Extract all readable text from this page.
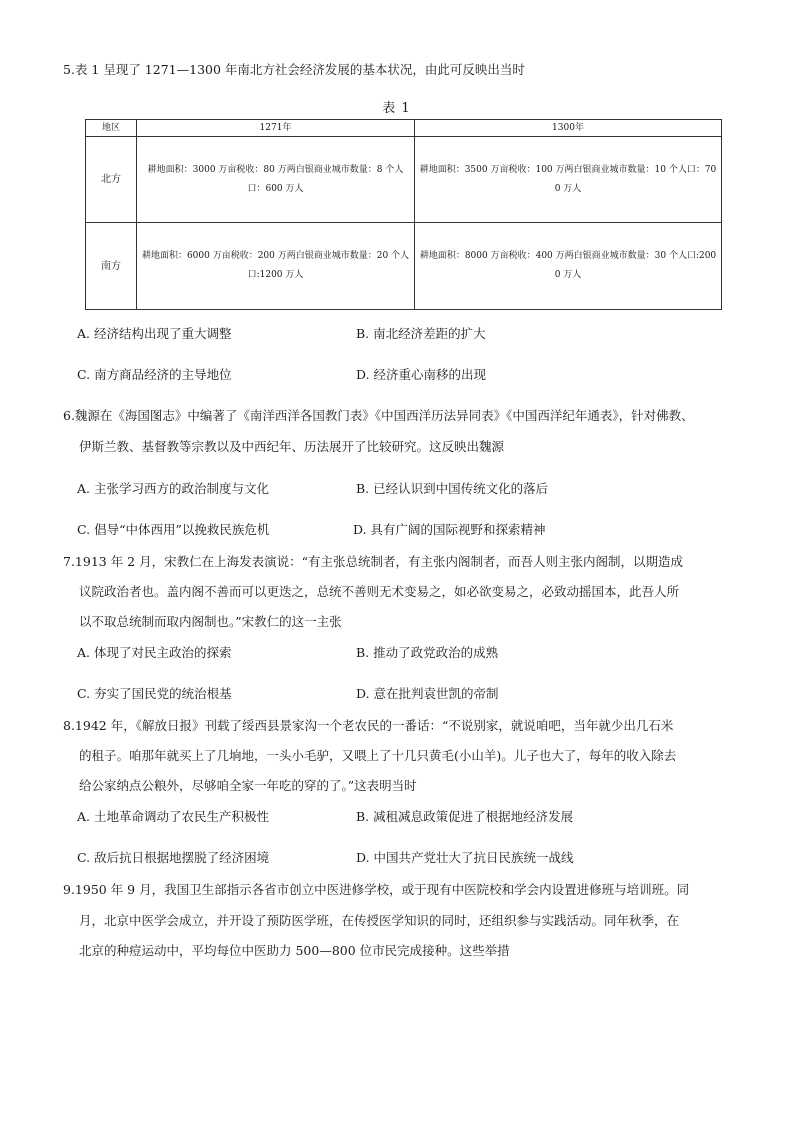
5.表 1 呈现了 1271—1300 年南北方社会经济发展的基本状况，由此可反映出当时
表 1
地区	1271年	1300年
北方	耕地面积：3000 万亩税收：80 万两白银商业城市数量：8 个人口：600 万人	耕地面积：3500 万亩税收：100 万两白银商业城市数量：10 个人口：700 万人
南方	耕地面积：6000 万亩税收：200 万两白银商业城市数量：20 个人口:1200 万人	耕地面积：8000 万亩税收：400 万两白银商业城市数量：30 个人口:2000 万人
A. 经济结构出现了重大调整	B. 南北经济差距的扩大
C. 南方商品经济的主导地位	D. 经济重心南移的出现
6.魏源在《海国图志》中编著了《南洋西洋各国教门表》《中国西洋历法异同表》《中国西洋纪年通表》，针对佛教、
伊斯兰教、基督教等宗教以及中西纪年、历法展开了比较研究。这反映出魏源
A. 主张学习西方的政治制度与文化	B. 已经认识到中国传统文化的落后
C. 倡导“中体西用”以挽救民族危机	D. 具有广阔的国际视野和探索精神
7.1913 年 2 月，宋教仁在上海发表演说：“有主张总统制者，有主张内阁制者，而吾人则主张内阁制，以期造成
议院政治者也。盖内阁不善而可以更迭之，总统不善则无术变易之，如必欲变易之，必致动摇国本，此吾人所
以不取总统制而取内阁制也。”宋教仁的这一主张
A. 体现了对民主政治的探索	B. 推动了政党政治的成熟
C. 夯实了国民党的统治根基	D. 意在批判袁世凯的帝制
8.1942 年，《解放日报》刊载了绥西县景家沟一个老农民的一番话：“不说别家，就说咱吧，当年就少出几石米
的租子。咱那年就买上了几垧地，一头小毛驴，又喂上了十几只黄毛(小山羊)。儿子也大了，每年的收入除去
给公家纳点公粮外，尽够咱全家一年吃的穿的了。”这表明当时
A. 土地革命调动了农民生产积极性	B. 减租减息政策促进了根据地经济发展
C. 敌后抗日根据地摆脱了经济困境	D. 中国共产党壮大了抗日民族统一战线
9.1950 年 9 月，我国卫生部指示各省市创立中医进修学校，或于现有中医院校和学会内设置进修班与培训班。同
月，北京中医学会成立，并开设了预防医学班，在传授医学知识的同时，还组织参与实践活动。同年秋季，在
北京的种痘运动中，平均每位中医助力 500—800 位市民完成接种。这些举措
